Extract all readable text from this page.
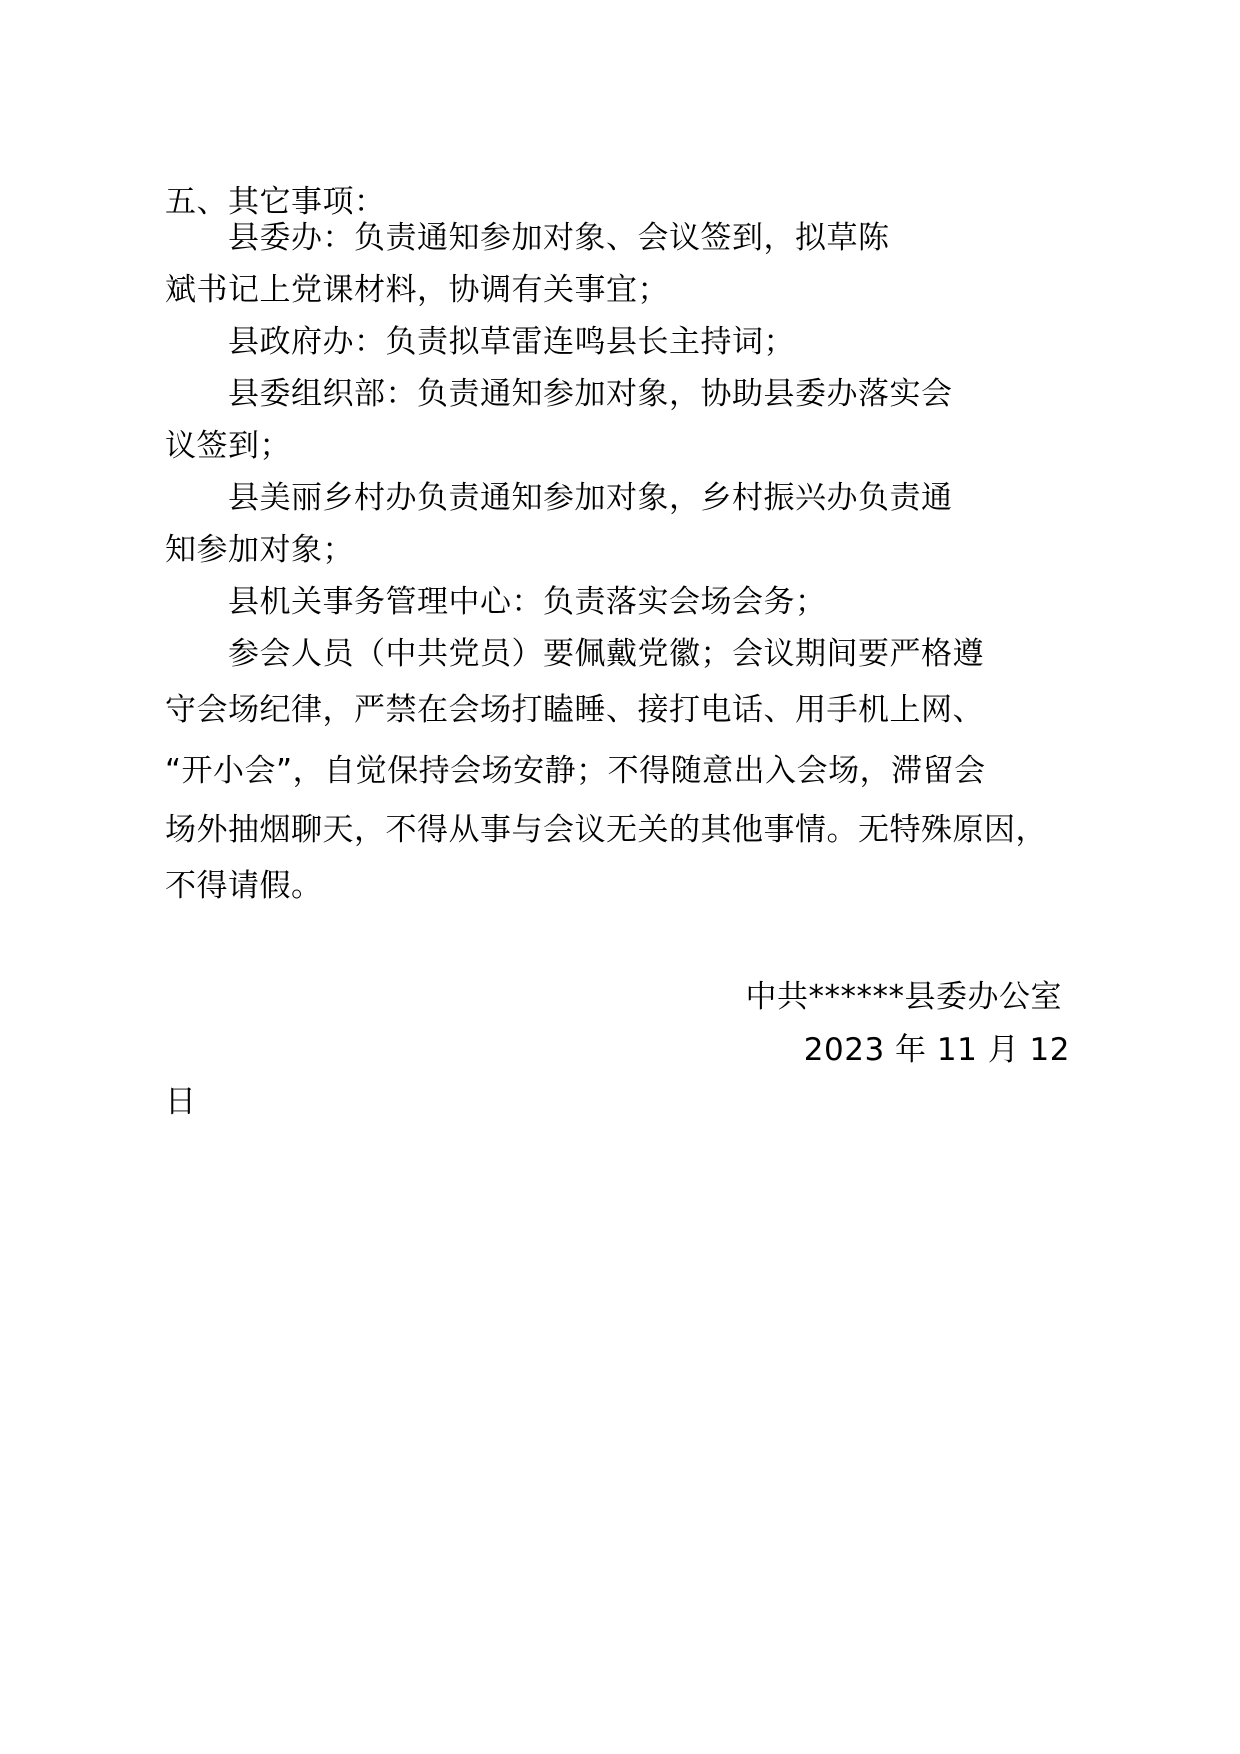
五、其它事项：
县委办：负责通知参加对象、会议签到，拟草陈
斌书记上党课材料，协调有关事宜；
县政府办：负责拟草雷连鸣县长主持词；
县委组织部：负责通知参加对象，协助县委办落实会
议签到；
县美丽乡村办负责通知参加对象，乡村振兴办负责通
知参加对象；
县机关事务管理中心：负责落实会场会务；
参会人员（中共党员）要佩戴党徽；会议期间要严格遵
守会场纪律，严禁在会场打瞌睡、接打电话、用手机上网、
“开小会”，自觉保持会场安静；不得随意出入会场，滞留会
场外抽烟聊天，不得从事与会议无关的其他事情。无特殊原因，
不得请假。
中共******县委办公室
2023 年 11 月 12
日
